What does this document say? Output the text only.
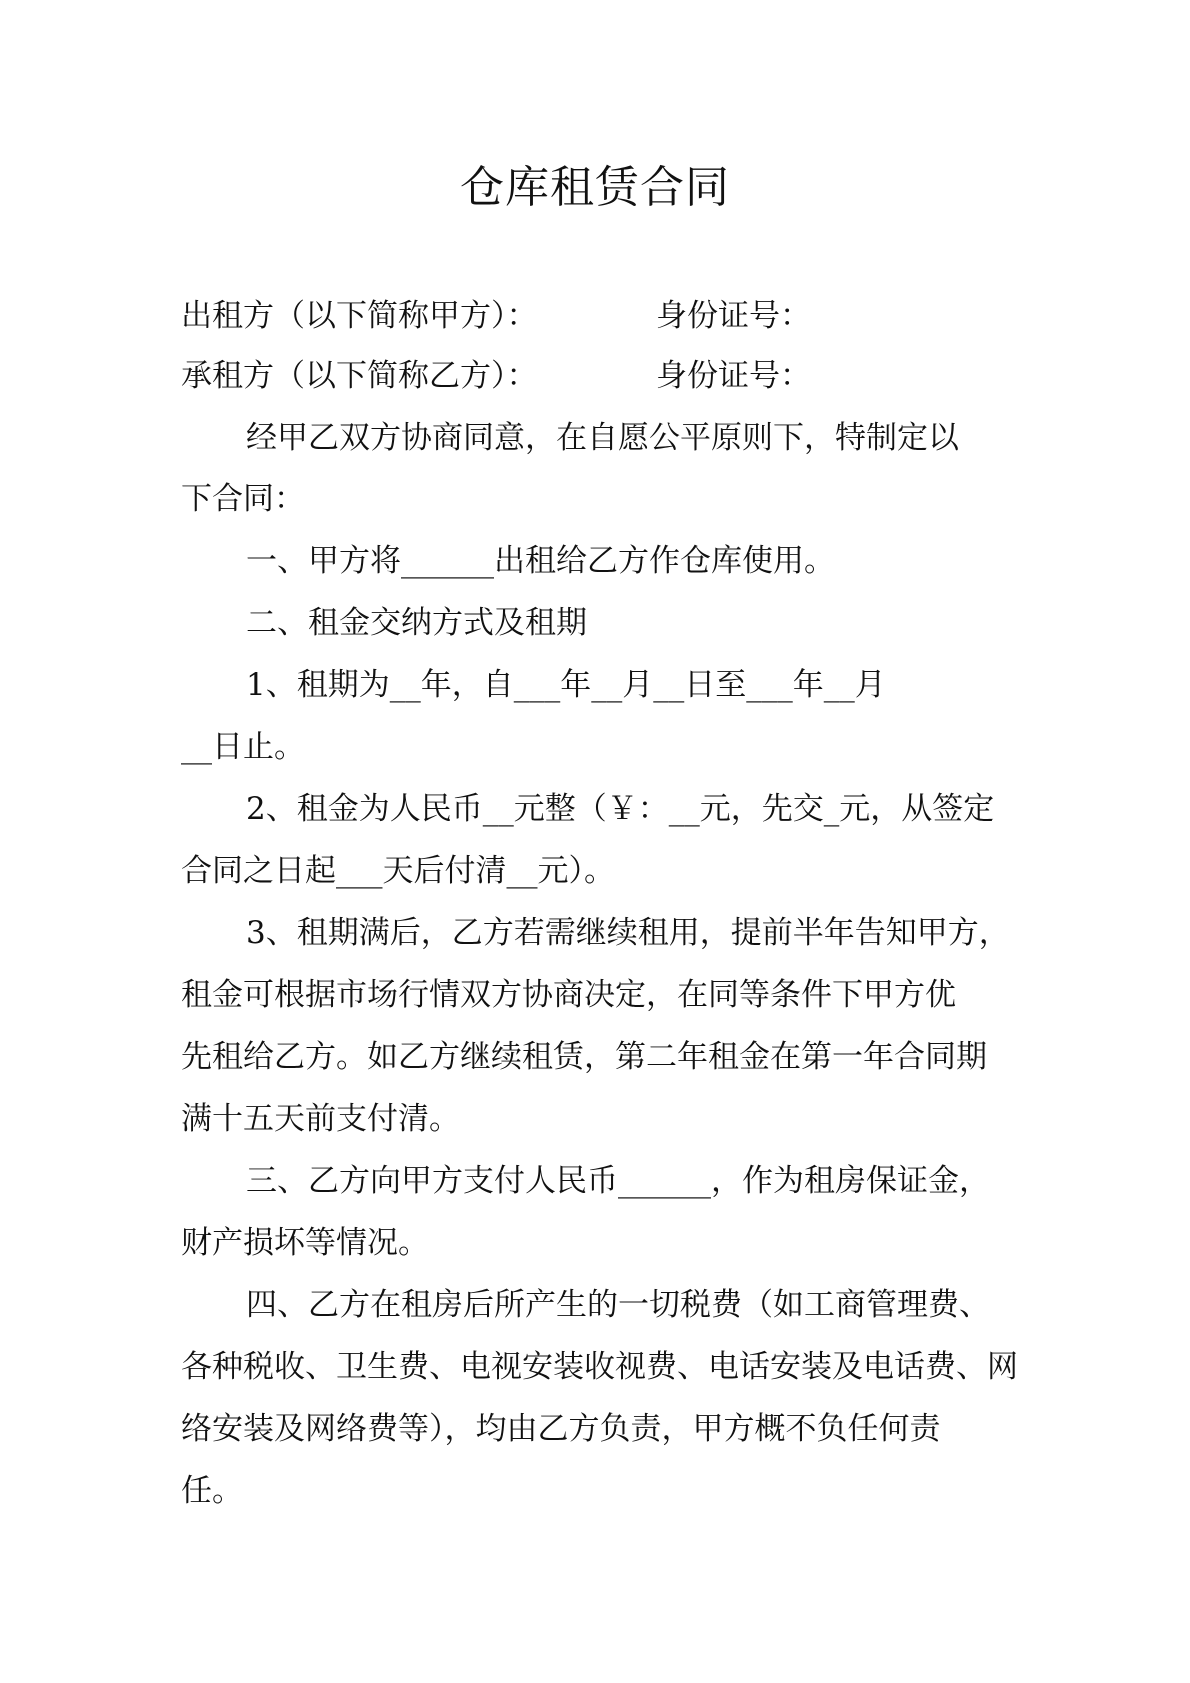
仓库租赁合同
出租方（以下简称甲方）：	身份证号：
承租方（以下简称乙方）：	身份证号：
经甲乙双方协商同意，在自愿公平原则下，特制定以
下合同：
一、甲方将______出租给乙方作仓库使用。
二、租金交纳方式及租期
1、租期为__年，自___年__月__日至___年__月
__日止。
2、租金为人民币__元整（￥：__元，先交_元，从签定
合同之日起___天后付清__元）。
3、租期满后，乙方若需继续租用，提前半年告知甲方，
租金可根据市场行情双方协商决定，在同等条件下甲方优
先租给乙方。如乙方继续租赁，第二年租金在第一年合同期
满十五天前支付清。
三、乙方向甲方支付人民币______，作为租房保证金，
财产损坏等情况。
四、乙方在租房后所产生的一切税费（如工商管理费、
各种税收、卫生费、电视安装收视费、电话安装及电话费、网
络安装及网络费等），均由乙方负责，甲方概不负任何责
任。
